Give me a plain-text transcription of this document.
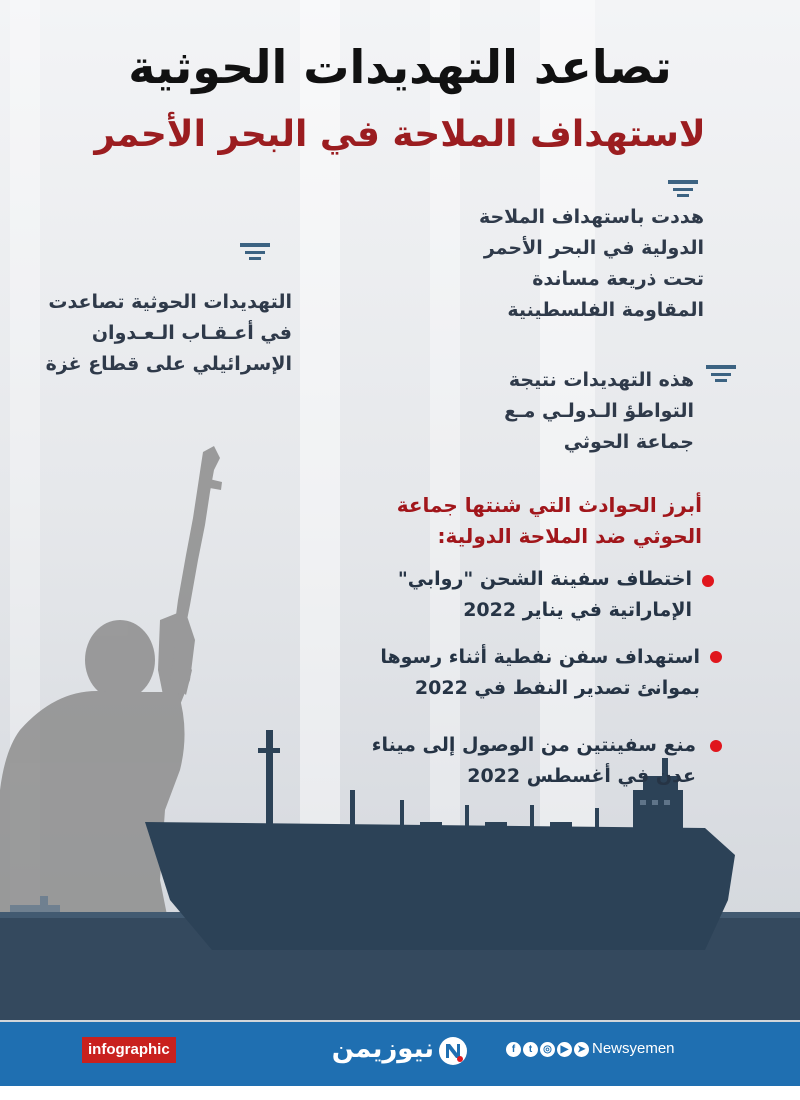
تصاعد التهديدات الحوثية
لاستهداف الملاحة في البحر الأحمر

هددت باستهداف الملاحة

الدولية في البحر الأحمر

تحت ذريعة مساندة

المقاومة الفلسطينية

التهديدات الحوثية تصاعدت

في أعـقـاب الـعـدوان

الإسرائيلي على قطاع غزة

هذه التهديدات نتيجة

التواطؤ الـدولـي مـع

جماعة الحوثي

أبرز الحوادث التي شنتها جماعة

الحوثي ضد الملاحة الدولية:

اختطاف سفينة الشحن "روابي"

الإماراتية في يناير 2022

استهداف سفن نفطية أثناء رسوها

بموانئ تصدير النفط في 2022

منع سفينتين من الوصول إلى ميناء

عدن في أغسطس 2022

infographic	نيوزيمن	f	t	◎ ▶ ➤ Newsyemen
